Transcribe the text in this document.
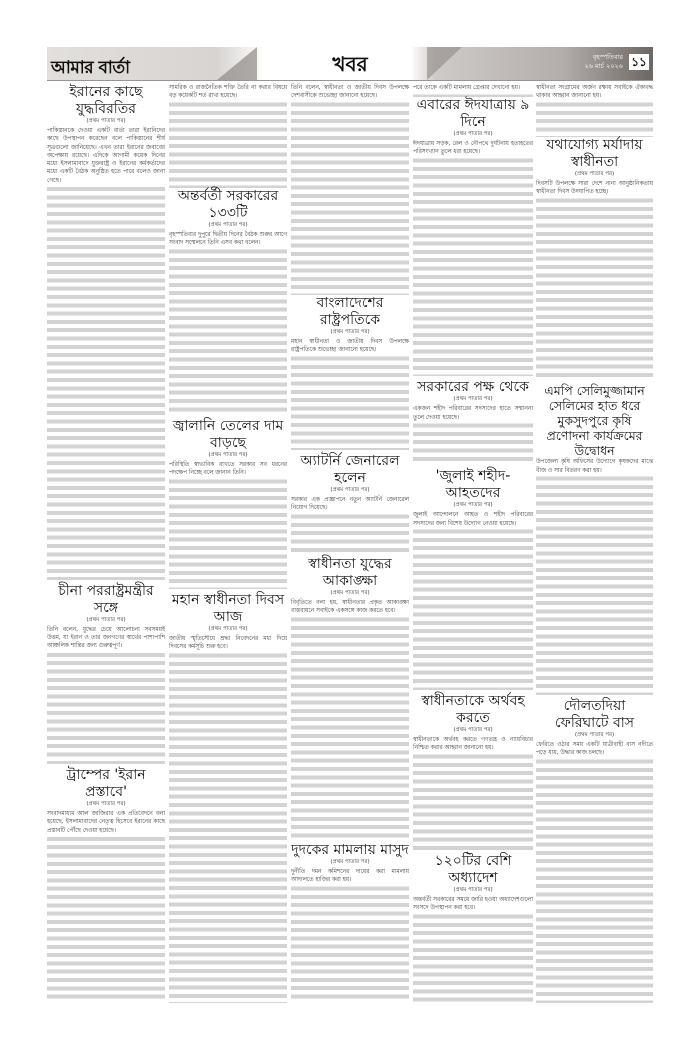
আমার বার্তা	খবর	বৃহস্পতিবার
২৬ মার্চ ২০২৬ ১১
ইরানের কাছে যুদ্ধবিরতির
(প্রথম পাতার পর)

পাকিস্তানকে দেওয়া একটি বার্তা তারা ইরানিদের কাছে উপস্থাপন করেছেন বলে পাকিস্তানের শীর্ষ সূত্রগুলো জানিয়েছে। এখন তারা ইরানের জবাবের অপেক্ষায় রয়েছে। এদিকে আগামী কয়েক দিনের মধ্যে ইসলামাবাদে যুক্তরাষ্ট্র ও ইরানের কর্মকর্তাদের মধ্যে একটি বৈঠক অনুষ্ঠিত হতে পারে বলেও জানা গেছে।

চীনা পররাষ্ট্রমন্ত্রীর সঙ্গে
(প্রথম পাতার পর)

তিনি বলেন, যুদ্ধের চেয়ে আলোচনা সবসময়ই উত্তম, যা ইরান ও তার জনগণের স্বার্থের পাশাপাশি আঞ্চলিক শান্তির জন্য গুরুত্বপূর্ণ।

ট্রাম্পের 'ইরান প্রস্তাবে'
(প্রথম পাতার পর)

সংবাদমাধ্যম আল জাজিরার এক প্রতিবেদনে বলা হয়েছে, ইসলামাবাদের নেতৃত্ব হিসেবে ইরানের কাছে প্রস্তাবটি পৌঁছে দেওয়া হয়েছে।

সামরিক ও রাজনৈতিক শক্তি তৈরি না করার বিষয়ে বড় কয়েকটি শর্ত রাখা হয়েছে।

অন্তর্বর্তী সরকারের ১৩৩টি
(প্রথম পাতার পর)

বৃহস্পতিবার দুপুরে দ্বিতীয় দিনের বৈঠক শুরুর আগে সংবাদ সম্মেলনে তিনি এসব কথা বলেন।

জ্বালানি তেলের দাম বাড়ছে
(প্রথম পাতার পর)

পরিস্থিতি স্বাভাবিক রাখতে সরকার সব ধরনের পদক্ষেপ নিচ্ছে বলে জানান তিনি।

মহান স্বাধীনতা দিবস আজ
(প্রথম পাতার পর)

জাতীয় স্মৃতিসৌধে শ্রদ্ধা নিবেদনের মধ্য দিয়ে দিবসের কর্মসূচি শুরু হবে।

তিনি বলেন, স্বাধীনতা ও জাতীয় দিবস উপলক্ষে দেশবাসীকে শুভেচ্ছা জানানো হয়েছে।

বাংলাদেশের রাষ্ট্রপতিকে
(প্রথম পাতার পর)

মহান স্বাধীনতা ও জাতীয় দিবস উপলক্ষে রাষ্ট্রপতিকে শুভেচ্ছা জানানো হয়েছে।

অ্যাটর্নি জেনারেল হলেন
(প্রথম পাতার পর)

সরকার এক প্রজ্ঞাপনে নতুন অ্যাটর্নি জেনারেল নিয়োগ দিয়েছে।

স্বাধীনতা যুদ্ধের আকাঙ্ক্ষা
(প্রথম পাতার পর)

বিবৃতিতে বলা হয়, স্বাধীনতার প্রকৃত আকাঙ্ক্ষা বাস্তবায়নে সবাইকে একসঙ্গে কাজ করতে হবে।

দুদকের মামলায় মাসুদ
(প্রথম পাতার পর)

দুর্নীতি দমন কমিশনের দায়ের করা মামলায় আদালতে হাজির করা হয়।

পরে তাকে একটি মামলায় গ্রেপ্তার দেখানো হয়।

এবারের ঈদযাত্রায় ৯ দিনে
(প্রথম পাতার পর)

ঈদযাত্রায় সড়ক, রেল ও নৌপথে দুর্ঘটনায় হতাহতের পরিসংখ্যান তুলে ধরা হয়েছে।

সরকারের পক্ষ থেকে
(প্রথম পাতার পর)

একজন শহীদ পরিবারের সদস্যদের হাতে সম্মাননা তুলে দেওয়া হয়েছে।

'জুলাই শহীদ-আহতদের
(প্রথম পাতার পর)

জুলাই আন্দোলনে আহত ও শহীদ পরিবারের সদস্যদের জন্য বিশেষ উদ্যোগ নেওয়া হয়েছে।

স্বাধীনতাকে অর্থবহ করতে
(প্রথম পাতার পর)

স্বাধীনতাকে অর্থবহ করতে গণতন্ত্র ও ন্যায়বিচার নিশ্চিত করার আহ্বান জানানো হয়।

১২০টির বেশি অধ্যাদেশ
(প্রথম পাতার পর)

অন্তর্বর্তী সরকারের সময়ে জারি হওয়া অধ্যাদেশগুলো সংসদে উপস্থাপন করা হবে।

স্বাধীনতা সংগ্রামের অর্জন রক্ষায় সবাইকে ঐক্যবদ্ধ থাকার আহ্বান জানানো হয়।

যথাযোগ্য মর্যাদায় স্বাধীনতা
(প্রথম পাতার পর)

দিবসটি উপলক্ষে সারা দেশে নানা আনুষ্ঠানিকতায় স্বাধীনতা দিবস উদযাপিত হচ্ছে।

এমপি সেলিমুজ্জামান সেলিমের হাত ধরে মুকসুদপুরে কৃষি প্রণোদনা কার্যক্রমের উদ্বোধন

উপজেলা কৃষি অফিসের উদ্যোগে কৃষকদের মাঝে বীজ ও সার বিতরণ করা হয়।

দৌলতদিয়া ফেরিঘাটে বাস
(প্রথম পাতার পর)

ফেরিতে ওঠার সময় একটি যাত্রীবাহী বাস নদীতে পড়ে যায়, উদ্ধার কাজ চলছে।
